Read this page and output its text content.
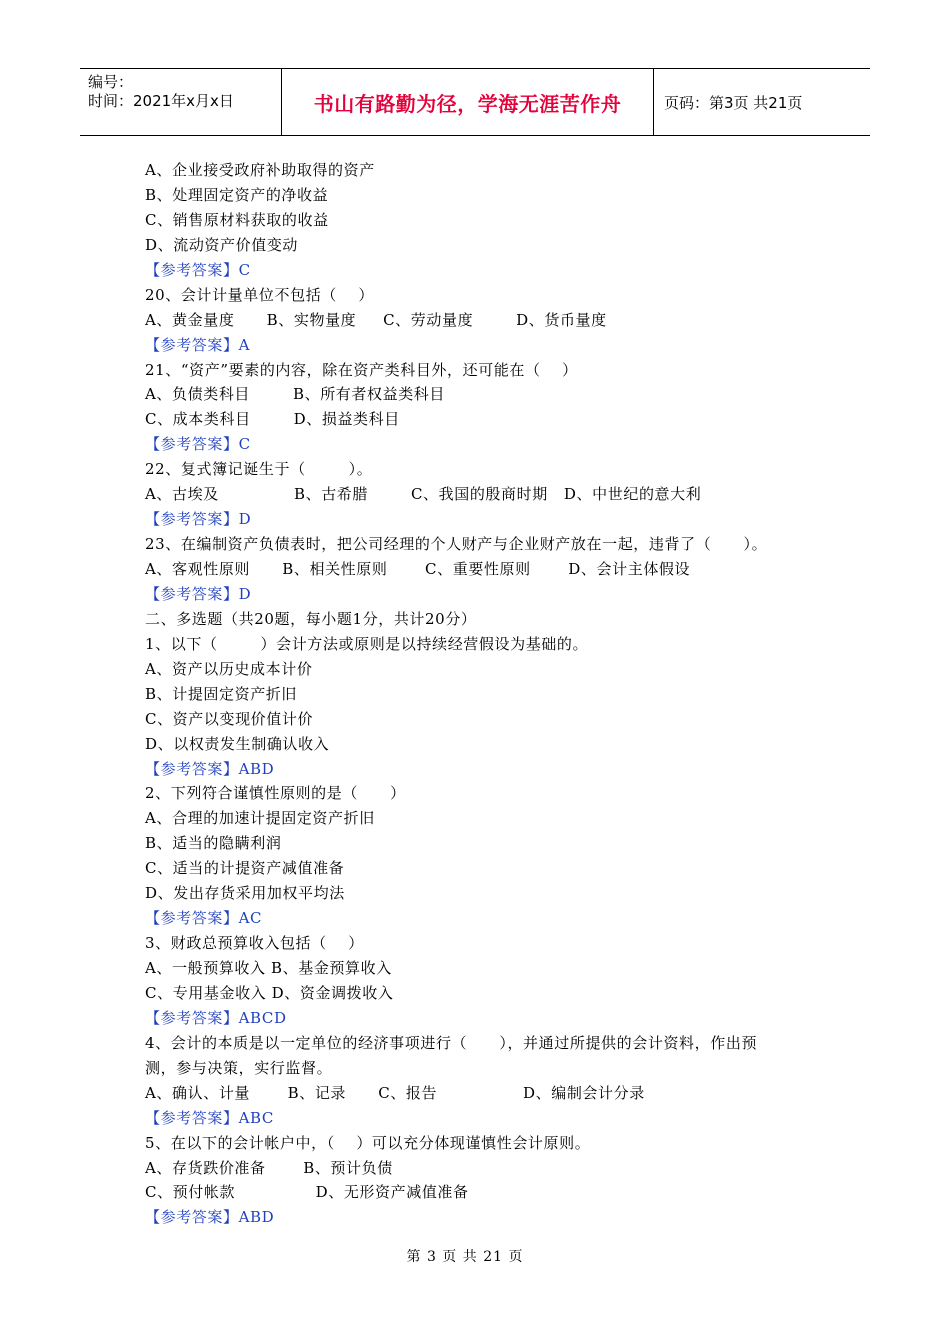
编号：
时间：2021年x月x日	书山有路勤为径，学海无涯苦作舟	页码：第3页 共21页
A、企业接受政府补助取得的资产
B、处理固定资产的净收益
C、销售原材料获取的收益
D、流动资产价值变动
【参考答案】C
20、会计计量单位不包括（    ）
A、黄金量度      B、实物量度     C、劳动量度        D、货币量度
【参考答案】A
21、“资产”要素的内容，除在资产类科目外，还可能在（    ）
A、负债类科目        B、所有者权益类科目
C、成本类科目        D、损益类科目
【参考答案】C
22、复式簿记诞生于（        ）。
A、古埃及              B、古希腊        C、我国的殷商时期   D、中世纪的意大利
【参考答案】D
23、在编制资产负债表时，把公司经理的个人财产与企业财产放在一起，违背了（      ）。
A、客观性原则      B、相关性原则       C、重要性原则       D、会计主体假设
【参考答案】D
二、多选题（共20题，每小题1分，共计20分）
1、以下（        ）会计方法或原则是以持续经营假设为基础的。
A、资产以历史成本计价
B、计提固定资产折旧
C、资产以变现价值计价
D、以权责发生制确认收入
【参考答案】ABD
2、下列符合谨慎性原则的是（      ）
A、合理的加速计提固定资产折旧
B、适当的隐瞒利润
C、适当的计提资产减值准备
D、发出存货采用加权平均法
【参考答案】AC
3、财政总预算收入包括（    ）
A、一般预算收入 B、基金预算收入
C、专用基金收入 D、资金调拨收入
【参考答案】ABCD
4、会计的本质是以一定单位的经济事项进行（      ），并通过所提供的会计资料，作出预
测，参与决策，实行监督。
A、确认、计量       B、记录      C、报告                D、编制会计分录
【参考答案】ABC
5、在以下的会计帐户中，（    ）可以充分体现谨慎性会计原则。
A、存货跌价准备       B、预计负债
C、预付帐款               D、无形资产减值准备
【参考答案】ABD
第 3 页 共 21 页
